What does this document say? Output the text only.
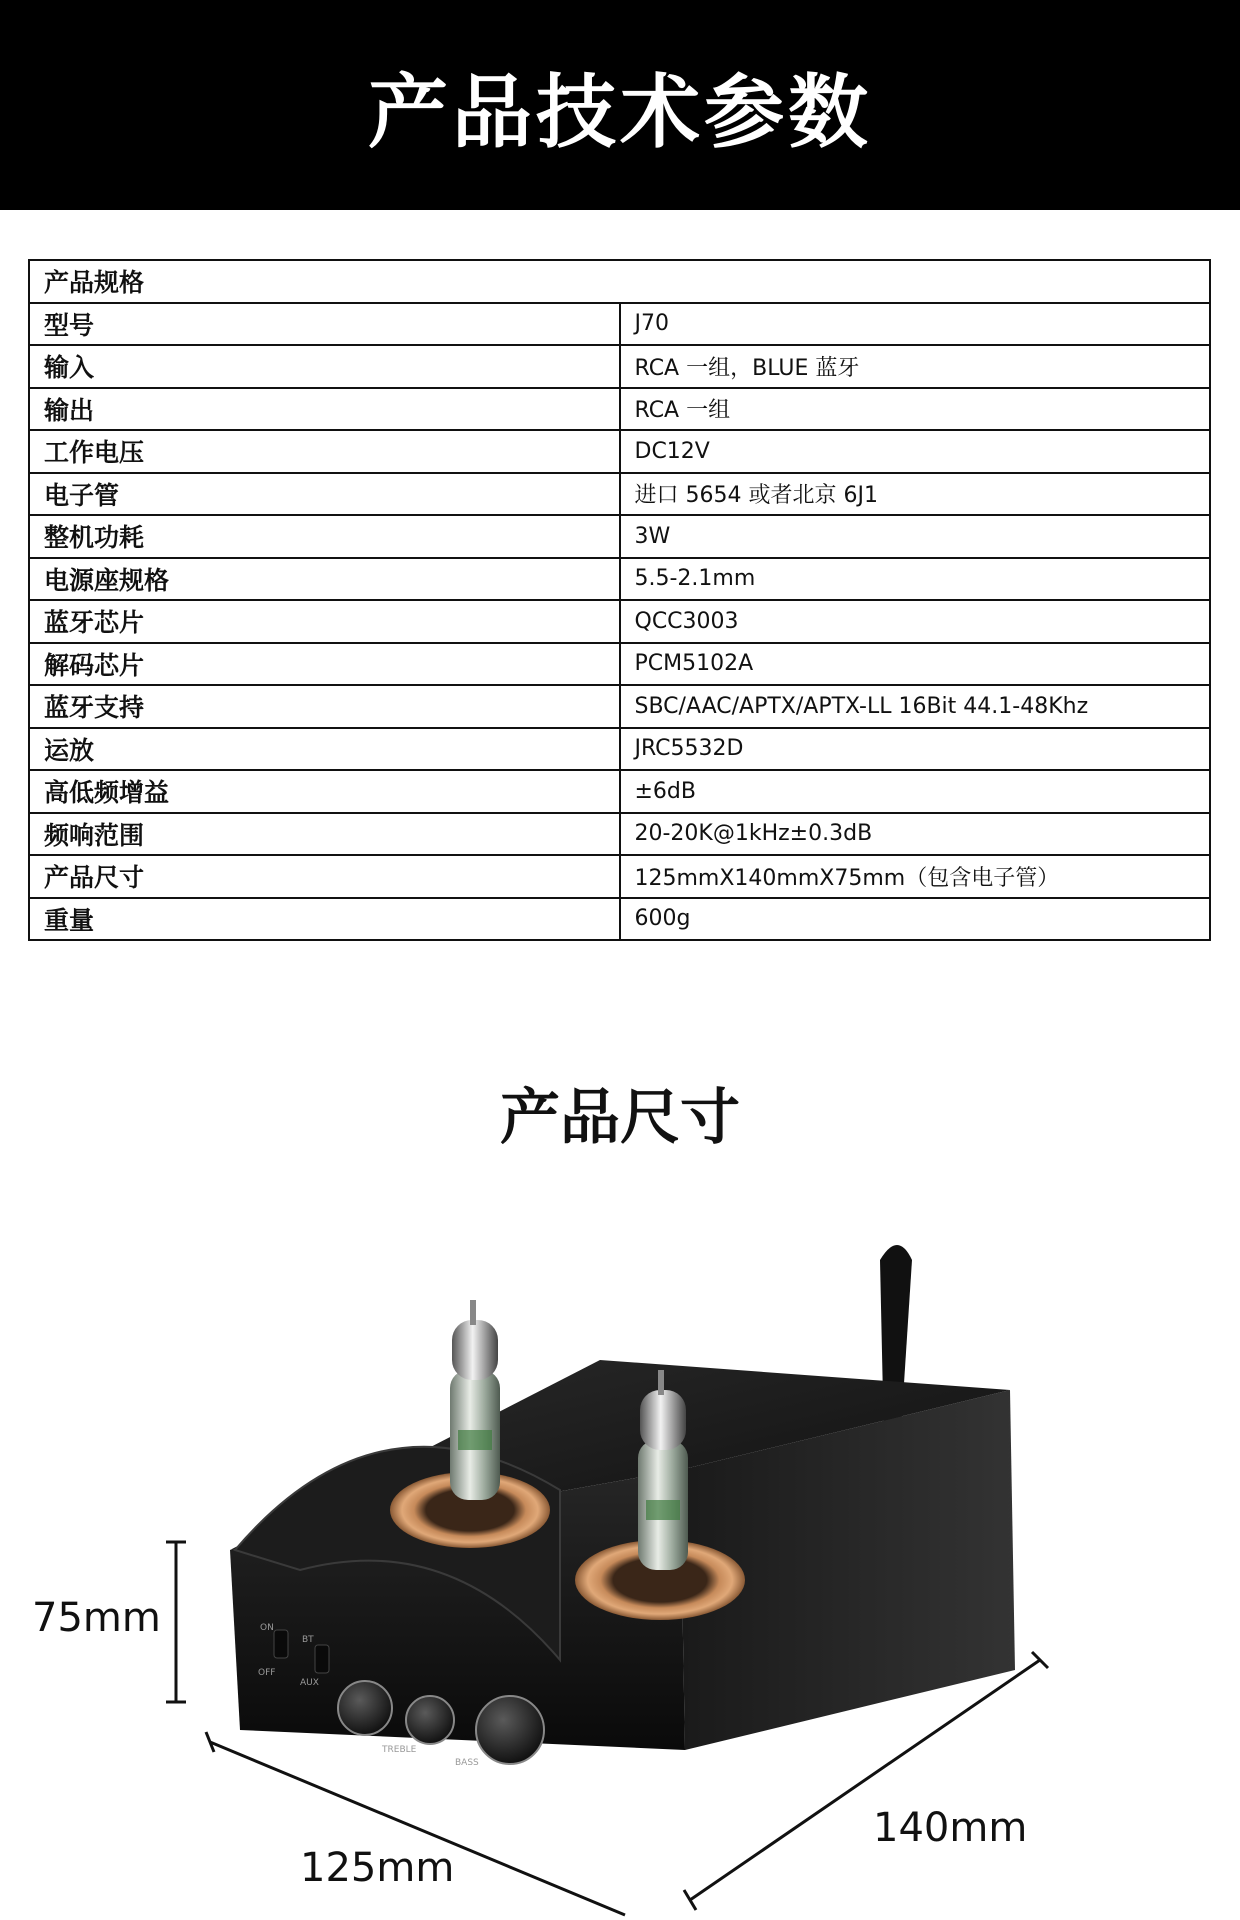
产品技术参数
产品规格	
型号	J70
输入	RCA 一组，BLUE 蓝牙
输出	RCA 一组
工作电压	DC12V
电子管	进口 5654 或者北京 6J1
整机功耗	3W
电源座规格	5.5-2.1mm
蓝牙芯片	QCC3003
解码芯片	PCM5102A
蓝牙支持	SBC/AAC/APTX/APTX-LL 16Bit 44.1-48Khz
运放	JRC5532D
高低频增益	±6dB
频响范围	20-20K@1kHz±0.3dB
产品尺寸	125mmX140mmX75mm（包含电子管）
重量	600g
产品尺寸
ON
OFF
BT
AUX
TREBLE
BASS
75mm
125mm
140mm
